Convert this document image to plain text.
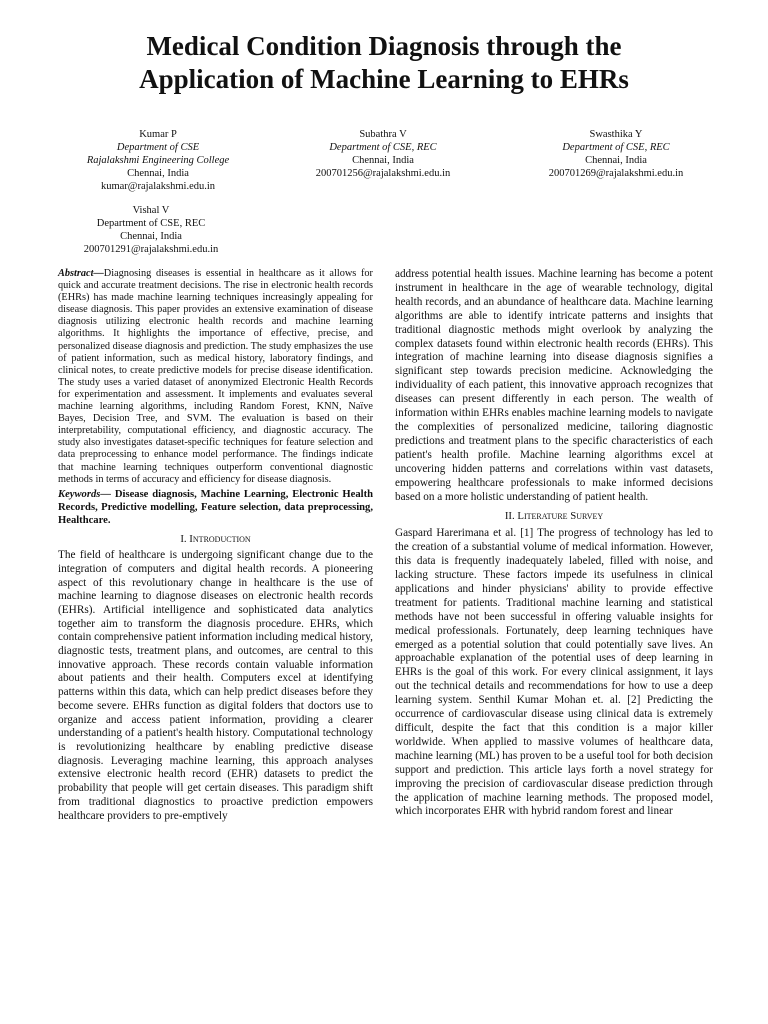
Medical Condition Diagnosis through the
Application of Machine Learning to EHRs
Kumar P
Department of CSE
Rajalakshmi Engineering College
Chennai, India
kumar@rajalakshmi.edu.in
Subathra V
Department of CSE, REC
Chennai, India
200701256@rajalakshmi.edu.in
Swasthika Y
Department of CSE, REC
Chennai, India
200701269@rajalakshmi.edu.in
Vishal V
Department of CSE, REC
Chennai, India
200701291@rajalakshmi.edu.in

Abstract—Diagnosing diseases is essential in healthcare as it allows for quick and accurate treatment decisions. The rise in electronic health records (EHRs) has made machine learning techniques increasingly appealing for disease diagnosis. This paper provides an extensive examination of disease diagnosis utilizing electronic health records and machine learning algorithms. It highlights the importance of effective, precise, and personalized disease diagnosis and prediction. The study emphasizes the use of patient information, such as medical history, laboratory findings, and clinical notes, to create predictive models for precise disease identification. The study uses a varied dataset of anonymized Electronic Health Records for experimentation and assessment. It implements and evaluates several machine learning algorithms, including Random Forest, KNN, Naïve Bayes, Decision Tree, and SVM. The evaluation is based on their interpretability, computational efficiency, and diagnostic accuracy. The study also investigates dataset-specific techniques for feature selection and data preprocessing to enhance model performance. The findings indicate that machine learning techniques outperform conventional diagnostic methods in terms of accuracy and efficiency for disease diagnosis.

Keywords— Disease diagnosis, Machine Learning, Electronic Health Records, Predictive modelling, Feature selection, data preprocessing, Healthcare.

I. Introduction

The field of healthcare is undergoing significant change due to the integration of computers and digital health records. A pioneering aspect of this revolutionary change in healthcare is the use of machine learning to diagnose diseases on electronic health records (EHRs). Artificial intelligence and sophisticated data analytics together aim to transform the diagnosis procedure. EHRs, which contain comprehensive patient information including medical history, diagnostic tests, treatment plans, and outcomes, are central to this innovative approach. These records contain valuable information about patients and their health. Computers excel at identifying patterns within this data, which can help predict diseases before they become severe. EHRs function as digital folders that doctors use to organize and access patient information, providing a clearer understanding of a patient's health history. Computational technology is revolutionizing healthcare by enabling predictive disease diagnosis. Leveraging machine learning, this approach analyses extensive electronic health record (EHR) datasets to predict the probability that people will get certain diseases. This paradigm shift from traditional diagnostics to proactive prediction empowers healthcare providers to pre-emptively

address potential health issues. Machine learning has become a potent instrument in healthcare in the age of wearable technology, digital health records, and an abundance of healthcare data. Machine learning algorithms are able to identify intricate patterns and insights that traditional diagnostic methods might overlook by analyzing the complex datasets found within electronic health records (EHRs). This integration of machine learning into disease diagnosis signifies a significant step towards precision medicine. Acknowledging the individuality of each patient, this innovative approach recognizes that diseases can present differently in each person. The wealth of information within EHRs enables machine learning models to navigate the complexities of personalized medicine, tailoring diagnostic predictions and treatment plans to the specific characteristics of each patient's health profile. Machine learning algorithms excel at uncovering hidden patterns and correlations within vast datasets, empowering healthcare professionals to make informed decisions based on a more holistic understanding of patient health.

II. Literature Survey

Gaspard Harerimana et al. [1] The progress of technology has led to the creation of a substantial volume of medical information. However, this data is frequently inadequately labeled, filled with noise, and lacking structure. These factors impede its usefulness in clinical applications and hinder physicians' ability to provide effective treatment for patients. Traditional machine learning and statistical methods have not been successful in offering valuable insights for medical professionals. Fortunately, deep learning techniques have emerged as a potential solution that could potentially save lives. An approachable explanation of the potential uses of deep learning in EHRs is the goal of this work. For every clinical assignment, it lays out the technical details and recommendations for how to use a deep learning system. Senthil Kumar Mohan et. al. [2] Predicting the occurrence of cardiovascular disease using clinical data is extremely difficult, despite the fact that this condition is a major killer worldwide. When applied to massive volumes of healthcare data, machine learning (ML) has proven to be a useful tool for both decision support and prediction. This article lays forth a novel strategy for improving the precision of cardiovascular disease prediction through the application of machine learning methods. The proposed model, which incorporates EHR with hybrid random forest and linear
